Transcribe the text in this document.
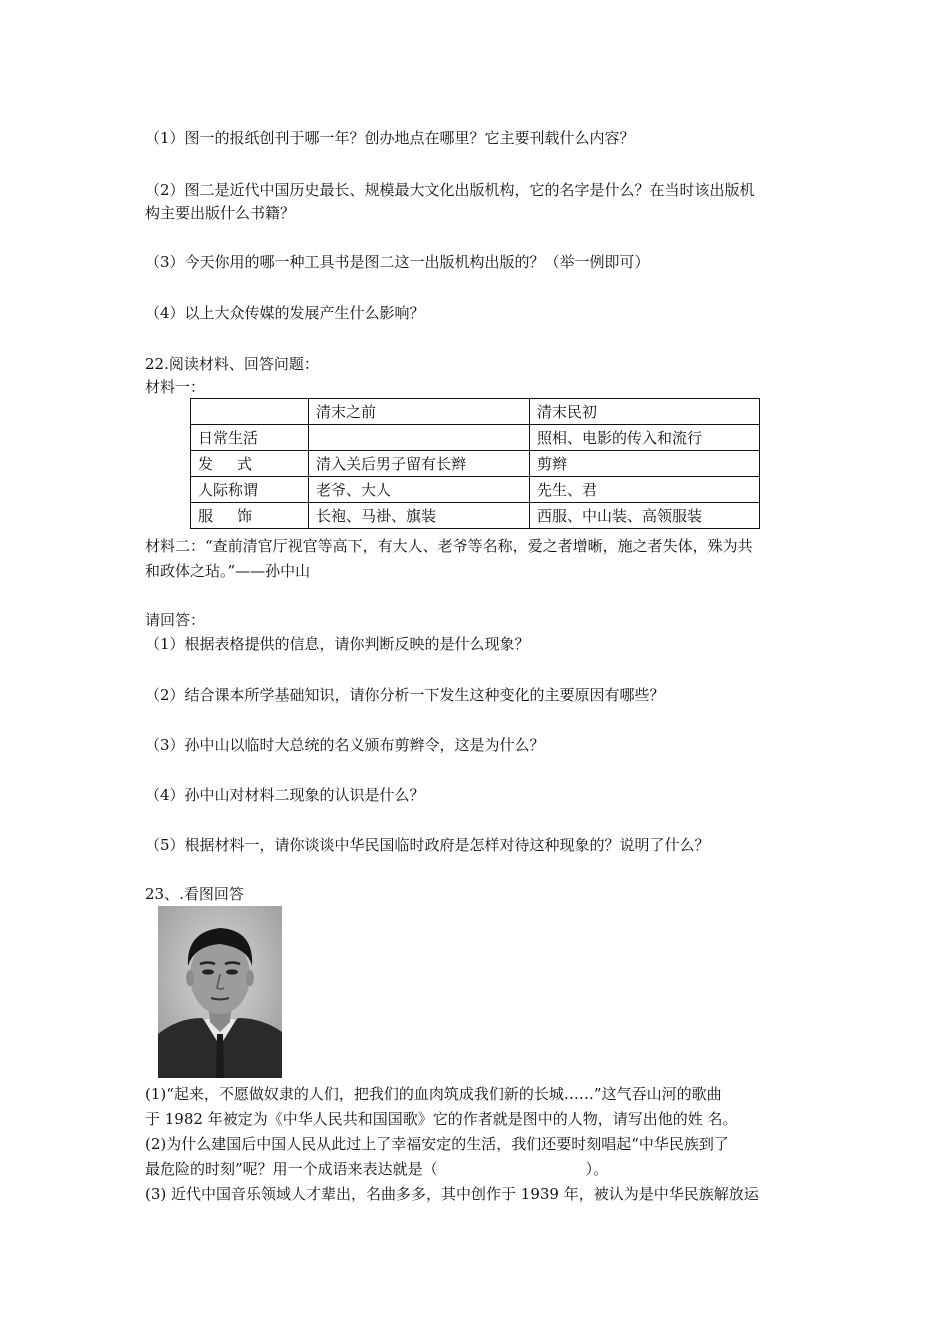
（1）图一的报纸创刊于哪一年？创办地点在哪里？它主要刊载什么内容？
（2）图二是近代中国历史最长、规模最大文化出版机构，它的名字是什么？在当时该出版机
构主要出版什么书籍？
（3）今天你用的哪一种工具书是图二这一出版机构出版的？（举一例即可）
（4）以上大众传媒的发展产生什么影响？
22.阅读材料、回答问题：
材料一：
	清末之前	清末民初
日常生活		照相、电影的传入和流行
发式	清入关后男子留有长辫	剪辫
人际称谓	老爷、大人	先生、君
服饰	长袍、马褂、旗装	西服、中山装、高领服装
材料二：“查前清官厅视官等高下，有大人、老爷等名称，爱之者增晰，施之者失体，殊为共
和政体之玷。”——孙中山
请回答：
（1）根据表格提供的信息，请你判断反映的是什么现象？
（2）结合课本所学基础知识，请你分析一下发生这种变化的主要原因有哪些？
（3）孙中山以临时大总统的名义颁布剪辫令，这是为什么？
（4）孙中山对材料二现象的认识是什么？
（5）根据材料一，请你谈谈中华民国临时政府是怎样对待这种现象的？说明了什么？
23、.看图回答
(1)“起来，不愿做奴隶的人们，把我们的血肉筑成我们新的长城……”这气吞山河的歌曲
于 1982 年被定为《中华人民共和国国歌》它的作者就是图中的人物，请写出他的姓 名。
(2)为什么建国后中国人民从此过上了幸福安定的生活，我们还要时刻唱起“中华民族到了
最危险的时刻”呢？用一个成语来表达就是（	）。
(3) 近代中国音乐领域人才辈出，名曲多多，其中创作于 1939 年，被认为是中华民族解放运
